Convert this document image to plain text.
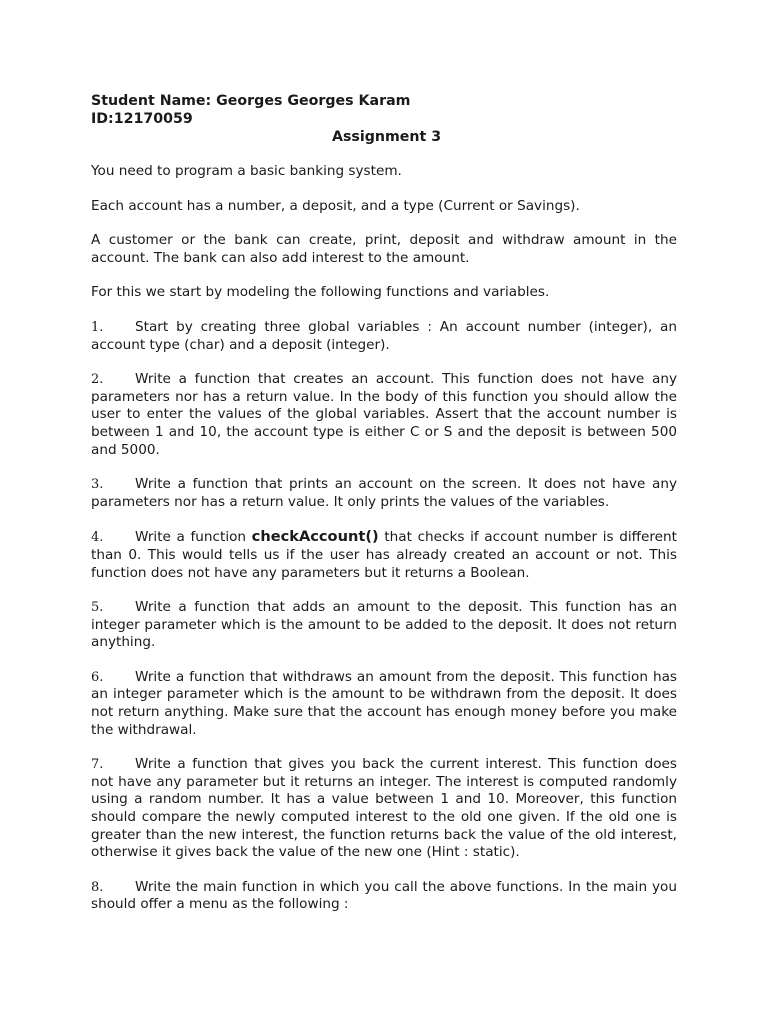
Student Name: Georges Georges Karam

ID:12170059

Assignment 3

You need to program a basic banking system.

Each account has a number, a deposit, and a type (Current or Savings).

A customer or the bank can create, print, deposit and withdraw amount in the account. The bank can also add interest to the amount.

For this we start by modeling the following functions and variables.

1. Start by creating three global variables : An account number (integer), an account type (char) and a deposit (integer).

2. Write a function that creates an account. This function does not have any parameters nor has a return value. In the body of this function you should allow the user to enter the values of the global variables. Assert that the account number is between 1 and 10, the account type is either C or S and the deposit is between 500 and 5000.

3. Write a function that prints an account on the screen. It does not have any parameters nor has a return value. It only prints the values of the variables.

4. Write a function checkAccount() that checks if account number is different than 0. This would tells us if the user has already created an account or not. This function does not have any parameters but it returns a Boolean.

5. Write a function that adds an amount to the deposit. This function has an integer parameter which is the amount to be added to the deposit. It does not return anything.

6. Write a function that withdraws an amount from the deposit. This function has an integer parameter which is the amount to be withdrawn from the deposit. It does not return anything. Make sure that the account has enough money before you make the withdrawal.

7. Write a function that gives you back the current interest. This function does not have any parameter but it returns an integer. The interest is computed randomly using a random number. It has a value between 1 and 10. Moreover, this function should compare the newly computed interest to the old one given. If the old one is greater than the new interest, the function returns back the value of the old interest, otherwise it gives back the value of the new one (Hint : static).

8. Write the main function in which you call the above functions. In the main you should offer a menu as the following :
